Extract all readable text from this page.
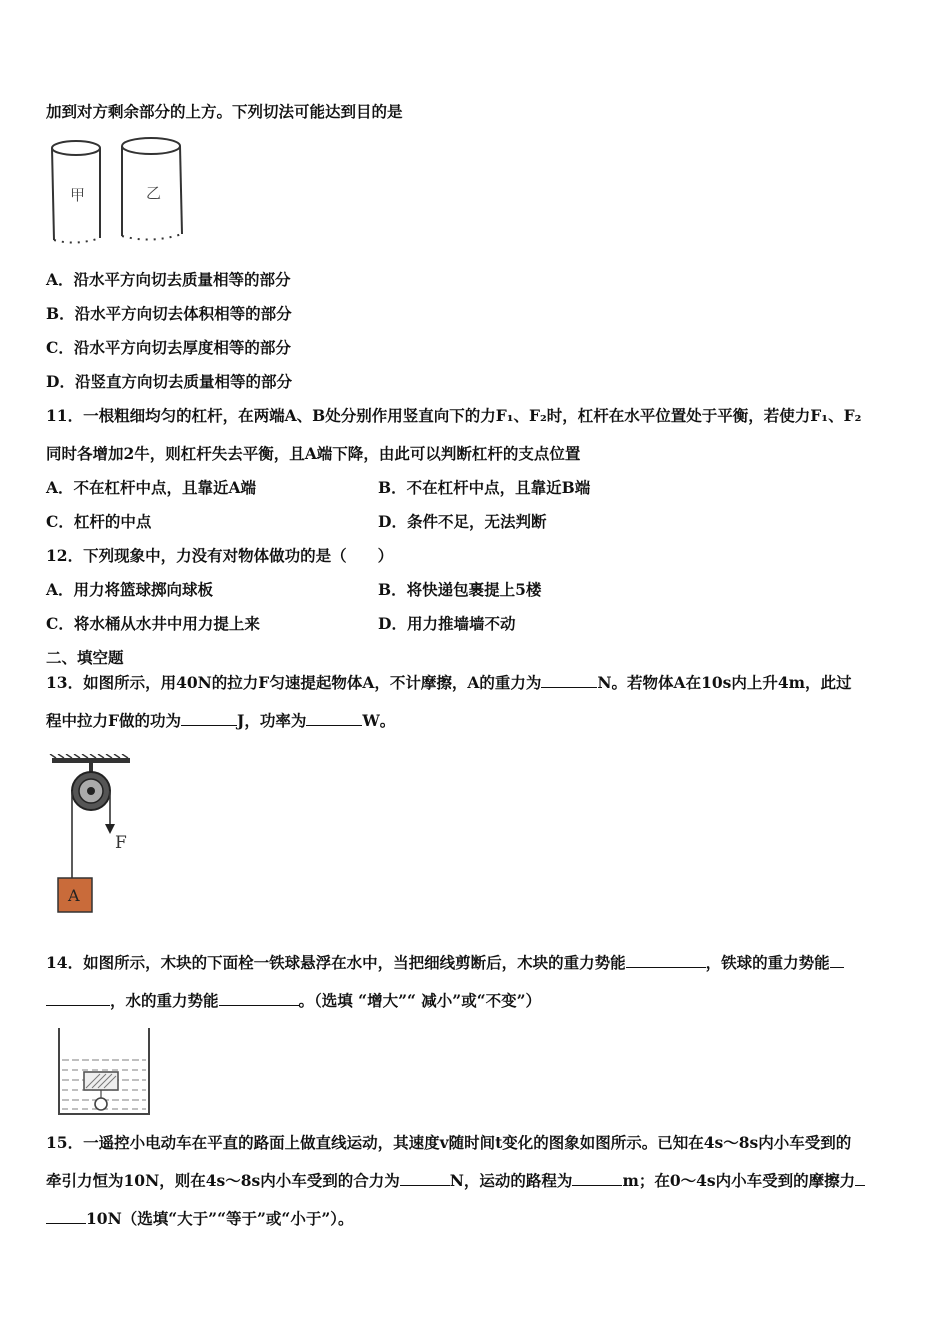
加到对方剩余部分的上方。下列切法可能达到目的是
甲	乙
A．沿水平方向切去质量相等的部分
B．沿水平方向切去体积相等的部分
C．沿水平方向切去厚度相等的部分
D．沿竖直方向切去质量相等的部分
11．一根粗细均匀的杠杆，在两端A、B处分别作用竖直向下的力F₁、F₂时，杠杆在水平位置处于平衡，若使力F₁、F₂
同时各增加2牛，则杠杆失去平衡，且A端下降，由此可以判断杠杆的支点位置
A．不在杠杆中点，且靠近A端	B．不在杠杆中点，且靠近B端
C．杠杆的中点	D．条件不足，无法判断
12．下列现象中，力没有对物体做功的是（　　）
A．用力将篮球掷向球板	B．将快递包裹提上5楼
C．将水桶从水井中用力提上来	D．用力推墙墙不动
二、填空题
13．如图所示，用40N的拉力F匀速提起物体A，不计摩擦，A的重力为	N。若物体A在10s内上升4m，此过
程中拉力F做的功为	J，功率为	W。
F
A
14．如图所示，木块的下面栓一铁球悬浮在水中，当把细线剪断后，木块的重力势能	，铁球的重力势能
，水的重力势能	。（选填 “增大”“ 减小”或“不变”）
15．一遥控小电动车在平直的路面上做直线运动，其速度v随时间t变化的图象如图所示。已知在4s～8s内小车受到的
牵引力恒为10N，则在4s～8s内小车受到的合力为	N，运动的路程为	m；在0～4s内小车受到的摩擦力
10N（选填“大于”“等于”或“小于”）。
